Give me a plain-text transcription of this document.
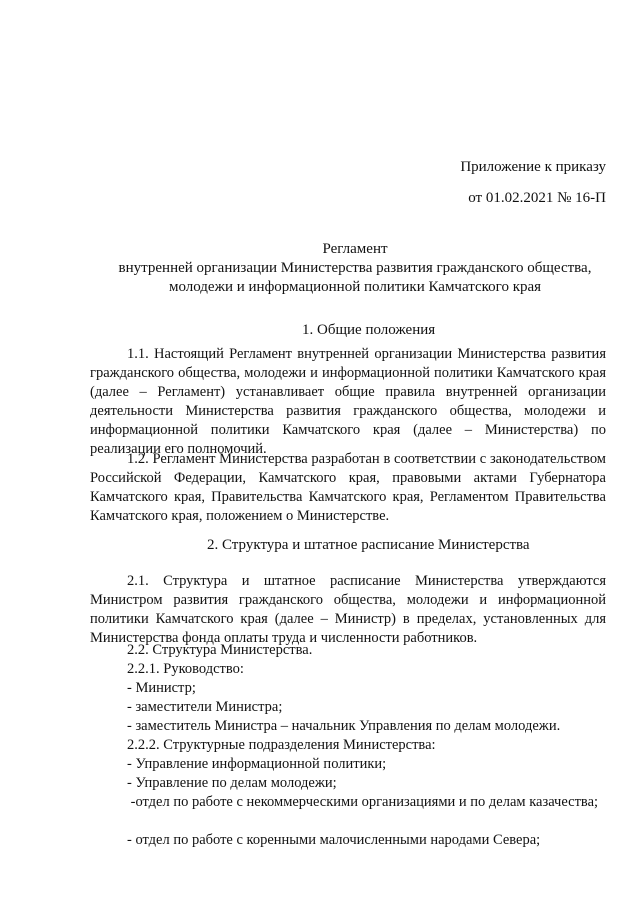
Приложение к приказу

от 01.02.2021 № 16-П

Регламент

внутренней организации Министерства развития гражданского общества,

молодежи и информационной политики Камчатского края

1. Общие положения

1.1. Настоящий Регламент внутренней организации Министерства развития гражданского общества, молодежи и информационной политики Камчатского края (далее – Регламент) устанавливает общие правила внутренней организации деятельности Министерства развития гражданского общества, молодежи и информационной политики Камчатского края (далее – Министерства) по реализации его полномочий.

1.2. Регламент Министерства разработан в соответствии с законодательством Российской Федерации, Камчатского края, правовыми актами Губернатора Камчатского края, Правительства Камчатского края, Регламентом Правительства Камчатского края, положением о Министерстве.

2. Структура и штатное расписание Министерства

2.1. Структура и штатное расписание Министерства утверждаются Министром развития гражданского общества, молодежи и информационной политики Камчатского края (далее – Министр) в пределах, установленных для Министерства фонда оплаты труда и численности работников.

2.2. Структура Министерства.

2.2.1. Руководство:

- Министр;

- заместители Министра;

- заместитель Министра – начальник Управления по делам молодежи.

2.2.2. Структурные подразделения Министерства:

- Управление информационной политики;

- Управление по делам молодежи;

-отдел по работе с некоммерческими организациями и по делам казачества;

- отдел по работе с коренными малочисленными народами Севера;
